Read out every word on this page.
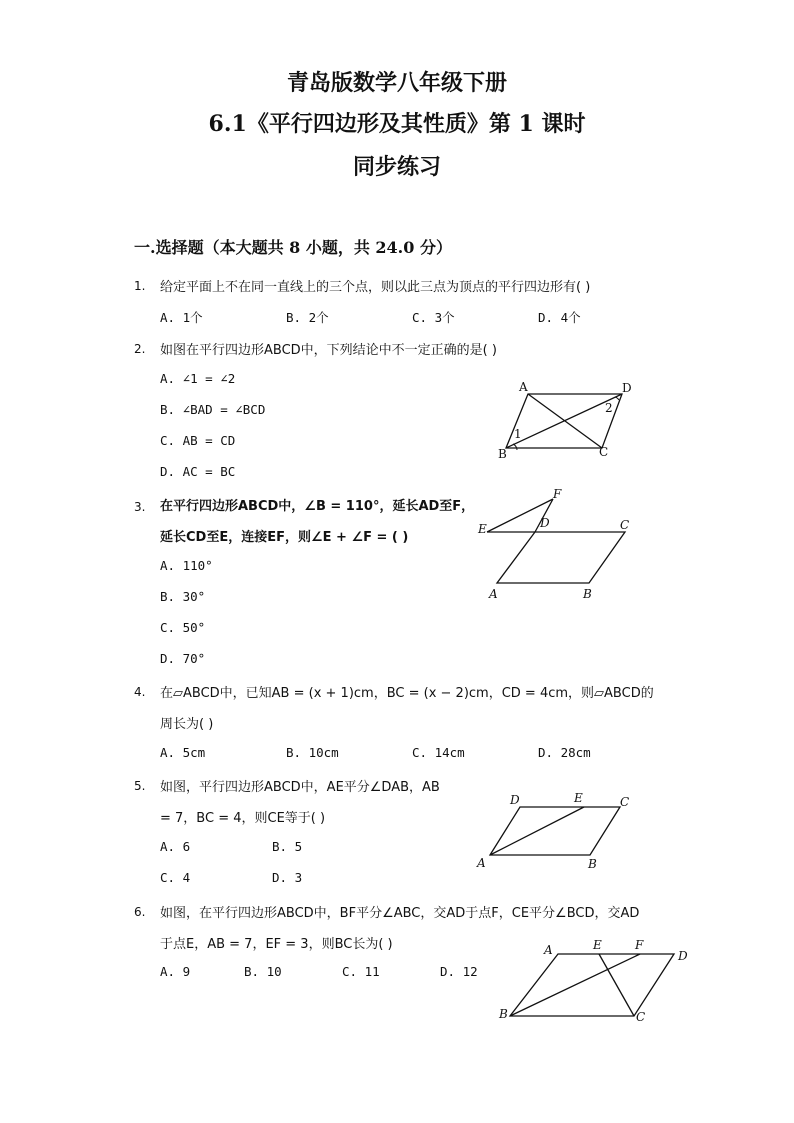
青岛版数学八年级下册
6.1《平行四边形及其性质》第 1 课时
同步练习
一.选择题（本大题共 8 小题，共 24.0 分）
1. 给定平面上不在同一直线上的三个点，则以此三点为顶点的平行四边形有( )
A. 1个	B. 2个	C. 3个	D. 4个
2. 如图在平行四边形ABCD中，下列结论中不一定正确的是( )
A. ∠1 = ∠2
B. ∠BAD = ∠BCD
C. AB = CD
D. AC = BC
A	D
B	C
1
2
3. 在平行四边形ABCD中，∠B = 110°，延长AD至F，
延长CD至E，连接EF，则∠E + ∠F = ( )
A. 110°
B. 30°
C. 50°
D. 70°
F
E	D	C
A	B
4. 在▱ABCD中，已知AB = (x + 1)cm，BC = (x − 2)cm，CD = 4cm，则▱ABCD的
周长为( )
A. 5cm	B. 10cm	C. 14cm	D. 28cm
5. 如图，平行四边形ABCD中，AE平分∠DAB，AB
= 7，BC = 4，则CE等于( )
A. 6	B. 5
C. 4	D. 3
D	E	C
A	B
6. 如图，在平行四边形ABCD中，BF平分∠ABC，交AD于点F，CE平分∠BCD，交AD
于点E，AB = 7，EF = 3，则BC长为( )
A. 9	B. 10	C. 11	D. 12
A	E	F
D
B	C
